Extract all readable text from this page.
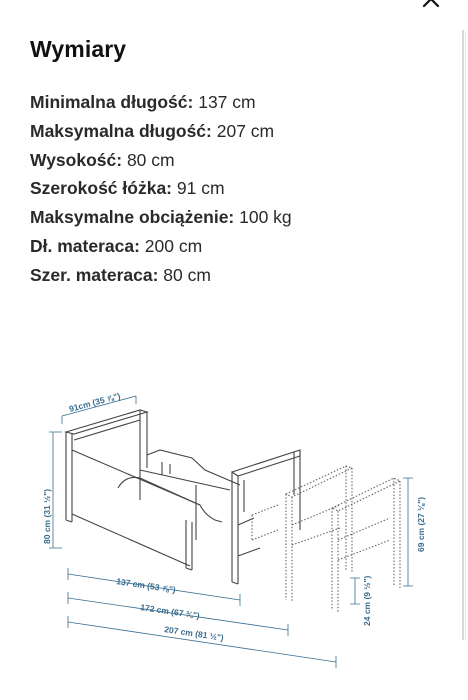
Wymiary
Minimalna długość: 137 cm
Maksymalna długość: 207 cm
Wysokość: 80 cm
Szerokość łóżka: 91 cm
Maksymalne obciążenie: 100 kg
Dł. materaca: 200 cm
Szer. materaca: 80 cm
91cm (35 ⅞")
80 cm (31 ½")
137 cm (53 ⅞")
172 cm (67 ¾")
207 cm (81 ½")
69 cm (27 ⅛")
24 cm (9 ½")
